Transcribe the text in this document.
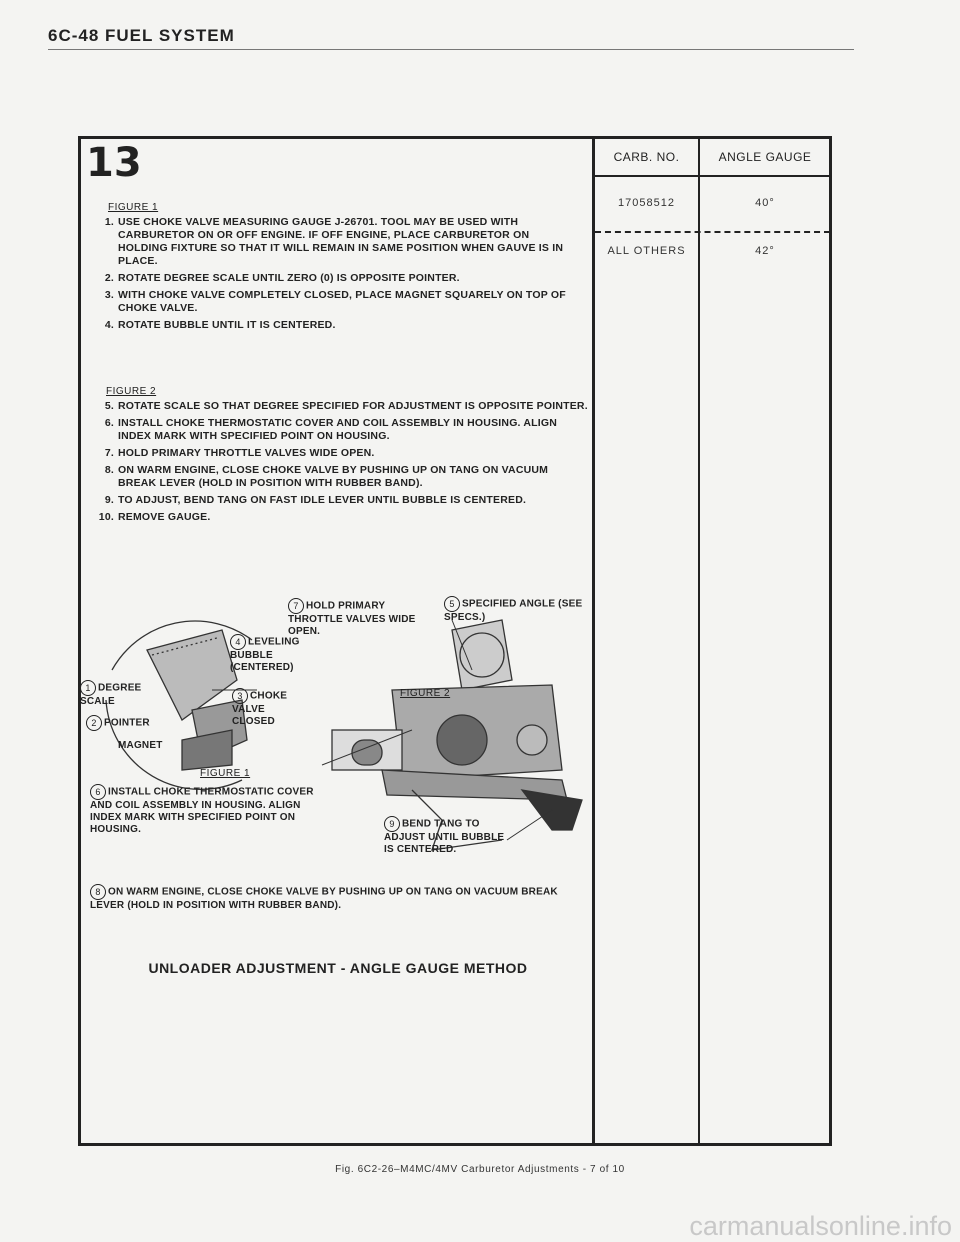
6C-48 FUEL SYSTEM
CARB. NO.	ANGLE GAUGE
17058512	40°
ALL OTHERS	42°
13
FIGURE 1
1. USE CHOKE VALVE MEASURING GAUGE J-26701. TOOL MAY BE USED WITH CARBURETOR ON OR OFF ENGINE. IF OFF ENGINE, PLACE CARBURETOR ON HOLDING FIXTURE SO THAT IT WILL REMAIN IN SAME POSITION WHEN GAUVE IS IN PLACE.
2. ROTATE DEGREE SCALE UNTIL ZERO (0) IS OPPOSITE POINTER.
3. WITH CHOKE VALVE COMPLETELY CLOSED, PLACE MAGNET SQUARELY ON TOP OF CHOKE VALVE.
4. ROTATE BUBBLE UNTIL IT IS CENTERED.
FIGURE 2
5. ROTATE SCALE SO THAT DEGREE SPECIFIED FOR ADJUSTMENT IS OPPOSITE POINTER.
6. INSTALL CHOKE THERMOSTATIC COVER AND COIL ASSEMBLY IN HOUSING. ALIGN INDEX MARK WITH SPECIFIED POINT ON HOUSING.
7. HOLD PRIMARY THROTTLE VALVES WIDE OPEN.
8. ON WARM ENGINE, CLOSE CHOKE VALVE BY PUSHING UP ON TANG ON VACUUM BREAK LEVER (HOLD IN POSITION WITH RUBBER BAND).
9. TO ADJUST, BEND TANG ON FAST IDLE LEVER UNTIL BUBBLE IS CENTERED.
10. REMOVE GAUGE.
FIGURE 1
FIGURE 2
1 DEGREE SCALE
2 POINTER
MAGNET
3 CHOKE VALVE CLOSED
4 LEVELING BUBBLE (CENTERED)
5 SPECIFIED ANGLE (SEE SPECS.)
7 HOLD PRIMARY THROTTLE VALVES WIDE OPEN.
6 INSTALL CHOKE THERMOSTATIC COVER AND COIL ASSEMBLY IN HOUSING. ALIGN INDEX MARK WITH SPECIFIED POINT ON HOUSING.	9 BEND TANG TO ADJUST UNTIL BUBBLE IS CENTERED.
8 ON WARM ENGINE, CLOSE CHOKE VALVE BY PUSHING UP ON TANG ON VACUUM BREAK LEVER (HOLD IN POSITION WITH RUBBER BAND).
UNLOADER ADJUSTMENT - ANGLE GAUGE METHOD
Fig. 6C2-26–M4MC/4MV Carburetor Adjustments - 7 of 10
carmanualsonline.info
